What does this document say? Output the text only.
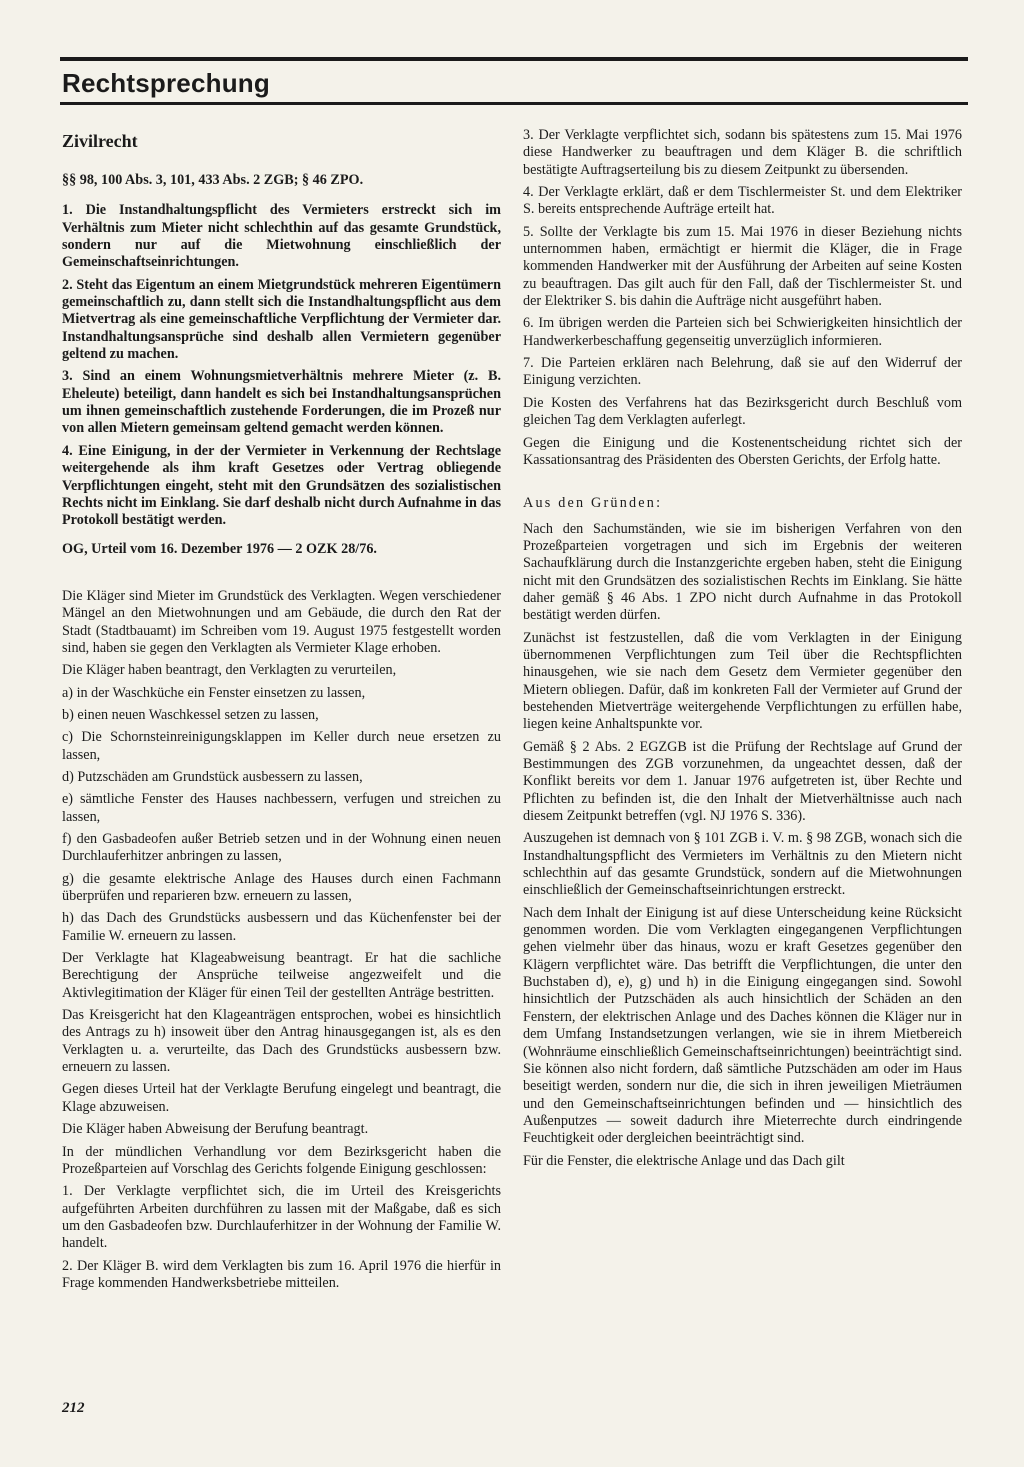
Rechtsprechung
Zivilrecht

§§ 98, 100 Abs. 3, 101, 433 Abs. 2 ZGB; § 46 ZPO.

1. Die Instandhaltungspflicht des Vermieters erstreckt sich im Verhältnis zum Mieter nicht schlechthin auf das gesamte Grundstück, sondern nur auf die Mietwohnung einschließlich der Gemeinschaftseinrichtungen.

2. Steht das Eigentum an einem Mietgrundstück mehreren Eigentümern gemeinschaftlich zu, dann stellt sich die Instandhaltungspflicht aus dem Mietvertrag als eine gemeinschaftliche Verpflichtung der Vermieter dar. Instandhaltungsansprüche sind deshalb allen Vermietern gegenüber geltend zu machen.

3. Sind an einem Wohnungsmietverhältnis mehrere Mieter (z. B. Eheleute) beteiligt, dann handelt es sich bei Instandhaltungsansprüchen um ihnen gemeinschaftlich zustehende Forderungen, die im Prozeß nur von allen Mietern gemeinsam geltend gemacht werden können.

4. Eine Einigung, in der der Vermieter in Verkennung der Rechtslage weitergehende als ihm kraft Gesetzes oder Vertrag obliegende Verpflichtungen eingeht, steht mit den Grundsätzen des sozialistischen Rechts nicht im Einklang. Sie darf deshalb nicht durch Aufnahme in das Protokoll bestätigt werden.

OG, Urteil vom 16. Dezember 1976 — 2 OZK 28/76.

Die Kläger sind Mieter im Grundstück des Verklagten. Wegen verschiedener Mängel an den Mietwohnungen und am Gebäude, die durch den Rat der Stadt (Stadtbauamt) im Schreiben vom 19. August 1975 festgestellt worden sind, haben sie gegen den Verklagten als Vermieter Klage erhoben.

Die Kläger haben beantragt, den Verklagten zu verurteilen,

a) in der Waschküche ein Fenster einsetzen zu lassen,

b) einen neuen Waschkessel setzen zu lassen,

c) Die Schornsteinreinigungsklappen im Keller durch neue ersetzen zu lassen,

d) Putzschäden am Grundstück ausbessern zu lassen,

e) sämtliche Fenster des Hauses nachbessern, verfugen und streichen zu lassen,

f) den Gasbadeofen außer Betrieb setzen und in der Wohnung einen neuen Durchlauferhitzer anbringen zu lassen,

g) die gesamte elektrische Anlage des Hauses durch einen Fachmann überprüfen und reparieren bzw. erneuern zu lassen,

h) das Dach des Grundstücks ausbessern und das Küchenfenster bei der Familie W. erneuern zu lassen.

Der Verklagte hat Klageabweisung beantragt. Er hat die sachliche Berechtigung der Ansprüche teilweise angezweifelt und die Aktivlegitimation der Kläger für einen Teil der gestellten Anträge bestritten.

Das Kreisgericht hat den Klageanträgen entsprochen, wobei es hinsichtlich des Antrags zu h) insoweit über den Antrag hinausgegangen ist, als es den Verklagten u. a. verurteilte, das Dach des Grundstücks ausbessern bzw. erneuern zu lassen.

Gegen dieses Urteil hat der Verklagte Berufung eingelegt und beantragt, die Klage abzuweisen.

Die Kläger haben Abweisung der Berufung beantragt.

In der mündlichen Verhandlung vor dem Bezirksgericht haben die Prozeßparteien auf Vorschlag des Gerichts folgende Einigung geschlossen:

1. Der Verklagte verpflichtet sich, die im Urteil des Kreisgerichts aufgeführten Arbeiten durchführen zu lassen mit der Maßgabe, daß es sich um den Gasbadeofen bzw. Durchlauferhitzer in der Wohnung der Familie W. handelt.

2. Der Kläger B. wird dem Verklagten bis zum 16. April 1976 die hierfür in Frage kommenden Handwerksbetriebe mitteilen.

3. Der Verklagte verpflichtet sich, sodann bis spätestens zum 15. Mai 1976 diese Handwerker zu beauftragen und dem Kläger B. die schriftlich bestätigte Auftragserteilung bis zu diesem Zeitpunkt zu übersenden.

4. Der Verklagte erklärt, daß er dem Tischlermeister St. und dem Elektriker S. bereits entsprechende Aufträge erteilt hat.

5. Sollte der Verklagte bis zum 15. Mai 1976 in dieser Beziehung nichts unternommen haben, ermächtigt er hiermit die Kläger, die in Frage kommenden Handwerker mit der Ausführung der Arbeiten auf seine Kosten zu beauftragen. Das gilt auch für den Fall, daß der Tischlermeister St. und der Elektriker S. bis dahin die Aufträge nicht ausgeführt haben.

6. Im übrigen werden die Parteien sich bei Schwierigkeiten hinsichtlich der Handwerkerbeschaffung gegenseitig unverzüglich informieren.

7. Die Parteien erklären nach Belehrung, daß sie auf den Widerruf der Einigung verzichten.

Die Kosten des Verfahrens hat das Bezirksgericht durch Beschluß vom gleichen Tag dem Verklagten auferlegt.

Gegen die Einigung und die Kostenentscheidung richtet sich der Kassationsantrag des Präsidenten des Obersten Gerichts, der Erfolg hatte.

Aus den Gründen:

Nach den Sachumständen, wie sie im bisherigen Verfahren von den Prozeßparteien vorgetragen und sich im Ergebnis der weiteren Sachaufklärung durch die Instanzgerichte ergeben haben, steht die Einigung nicht mit den Grundsätzen des sozialistischen Rechts im Einklang. Sie hätte daher gemäß § 46 Abs. 1 ZPO nicht durch Aufnahme in das Protokoll bestätigt werden dürfen.

Zunächst ist festzustellen, daß die vom Verklagten in der Einigung übernommenen Verpflichtungen zum Teil über die Rechtspflichten hinausgehen, wie sie nach dem Gesetz dem Vermieter gegenüber den Mietern obliegen. Dafür, daß im konkreten Fall der Vermieter auf Grund der bestehenden Mietverträge weitergehende Verpflichtungen zu erfüllen habe, liegen keine Anhaltspunkte vor.

Gemäß § 2 Abs. 2 EGZGB ist die Prüfung der Rechtslage auf Grund der Bestimmungen des ZGB vorzunehmen, da ungeachtet dessen, daß der Konflikt bereits vor dem 1. Januar 1976 aufgetreten ist, über Rechte und Pflichten zu befinden ist, die den Inhalt der Mietverhältnisse auch nach diesem Zeitpunkt betreffen (vgl. NJ 1976 S. 336).

Auszugehen ist demnach von § 101 ZGB i. V. m. § 98 ZGB, wonach sich die Instandhaltungspflicht des Vermieters im Verhältnis zu den Mietern nicht schlechthin auf das gesamte Grundstück, sondern auf die Mietwohnungen einschließlich der Gemeinschaftseinrichtungen erstreckt.

Nach dem Inhalt der Einigung ist auf diese Unterscheidung keine Rücksicht genommen worden. Die vom Verklagten eingegangenen Verpflichtungen gehen vielmehr über das hinaus, wozu er kraft Gesetzes gegenüber den Klägern verpflichtet wäre. Das betrifft die Verpflichtungen, die unter den Buchstaben d), e), g) und h) in die Einigung eingegangen sind. Sowohl hinsichtlich der Putzschäden als auch hinsichtlich der Schäden an den Fenstern, der elektrischen Anlage und des Daches können die Kläger nur in dem Umfang Instandsetzungen verlangen, wie sie in ihrem Mietbereich (Wohnräume einschließlich Gemeinschaftseinrichtungen) beeinträchtigt sind. Sie können also nicht fordern, daß sämtliche Putzschäden am oder im Haus beseitigt werden, sondern nur die, die sich in ihren jeweiligen Mieträumen und den Gemeinschaftseinrichtungen befinden und — hinsichtlich des Außenputzes — soweit dadurch ihre Mieterrechte durch eindringende Feuchtigkeit oder dergleichen beeinträchtigt sind.

Für die Fenster, die elektrische Anlage und das Dach gilt

212
